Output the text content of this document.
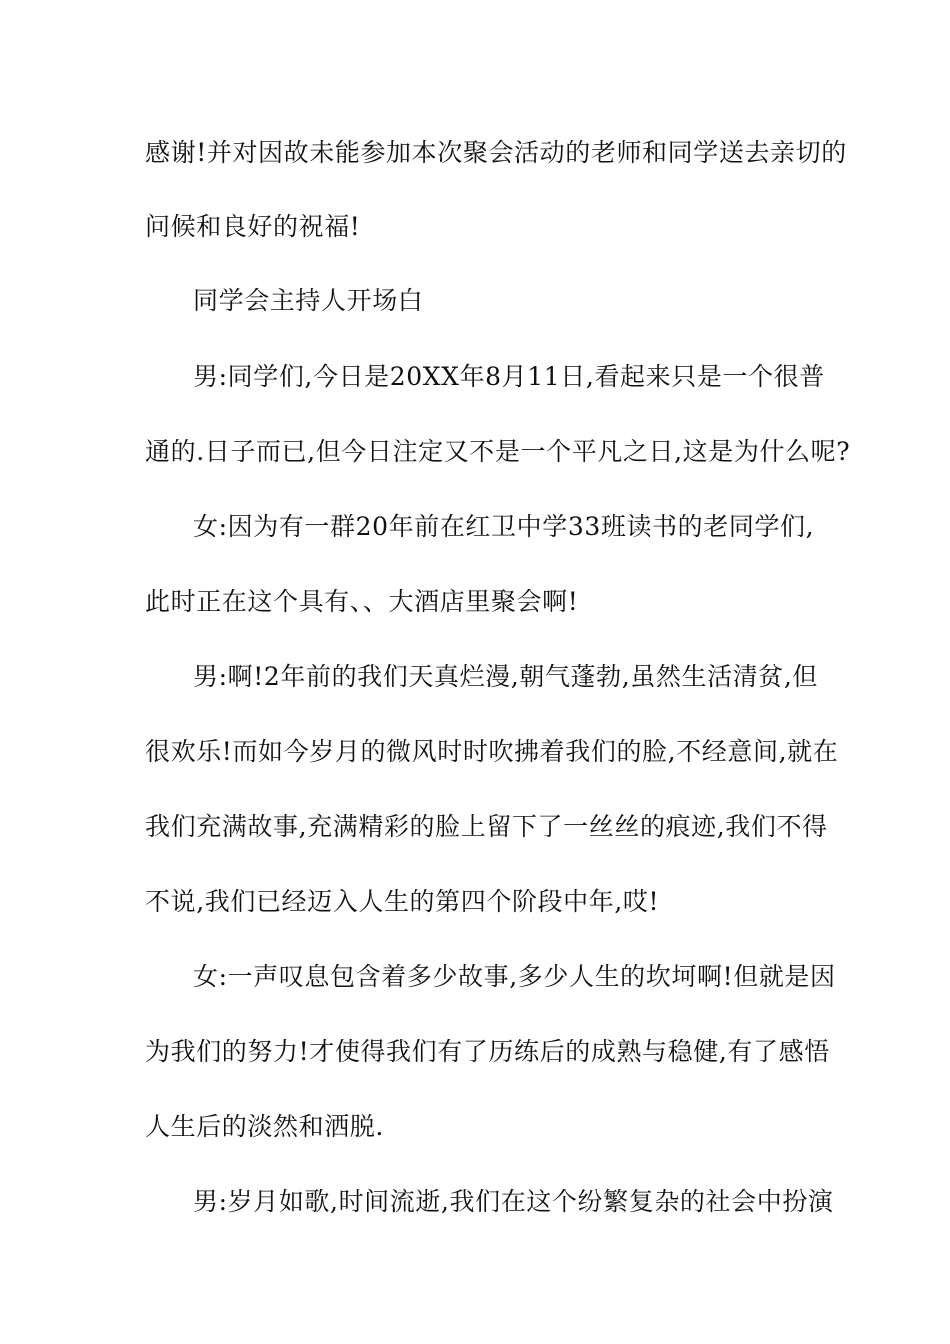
感谢!并对因故未能参加本次聚会活动的老师和同学送去亲切的
问候和良好的祝福!
同学会主持人开场白
男:同学们,今日是20XX年8月11日,看起来只是一个很普
通的.日子而已,但今日注定又不是一个平凡之日,这是为什么呢?
女:因为有一群20年前在红卫中学33班读书的老同学们,
此时正在这个具有、、大酒店里聚会啊!
男:啊!2年前的我们天真烂漫,朝气蓬勃,虽然生活清贫,但
很欢乐!而如今岁月的微风时时吹拂着我们的脸,不经意间,就在
我们充满故事,充满精彩的脸上留下了一丝丝的痕迹,我们不得
不说,我们已经迈入人生的第四个阶段中年,哎!
女:一声叹息包含着多少故事,多少人生的坎坷啊!但就是因
为我们的努力!才使得我们有了历练后的成熟与稳健,有了感悟
人生后的淡然和洒脱.
男:岁月如歌,时间流逝,我们在这个纷繁复杂的社会中扮演
